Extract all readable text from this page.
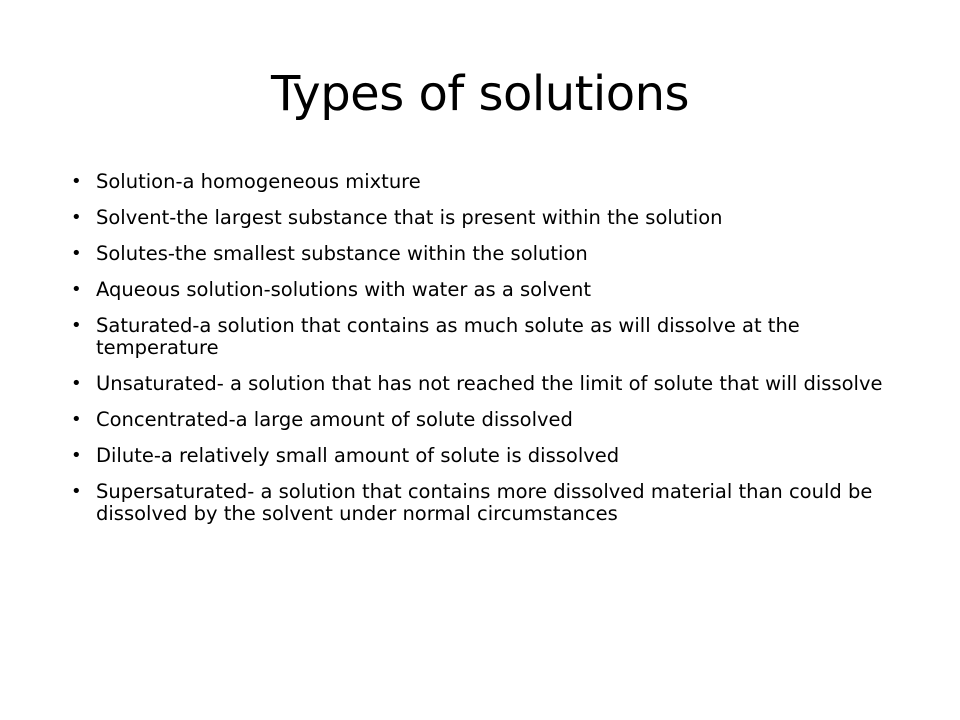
Types of solutions
• Solution-a homogeneous mixture
• Solvent-the largest substance that is present within the solution
• Solutes-the smallest substance within the solution
• Aqueous solution-solutions with water as a solvent
• Saturated-a solution that contains as much solute as will dissolve at the temperature
• Unsaturated- a solution that has not reached the limit of solute that will dissolve
• Concentrated-a large amount of solute dissolved
• Dilute-a relatively small amount of solute is dissolved
• Supersaturated- a solution that contains more dissolved material than could be dissolved by the solvent under normal circumstances
